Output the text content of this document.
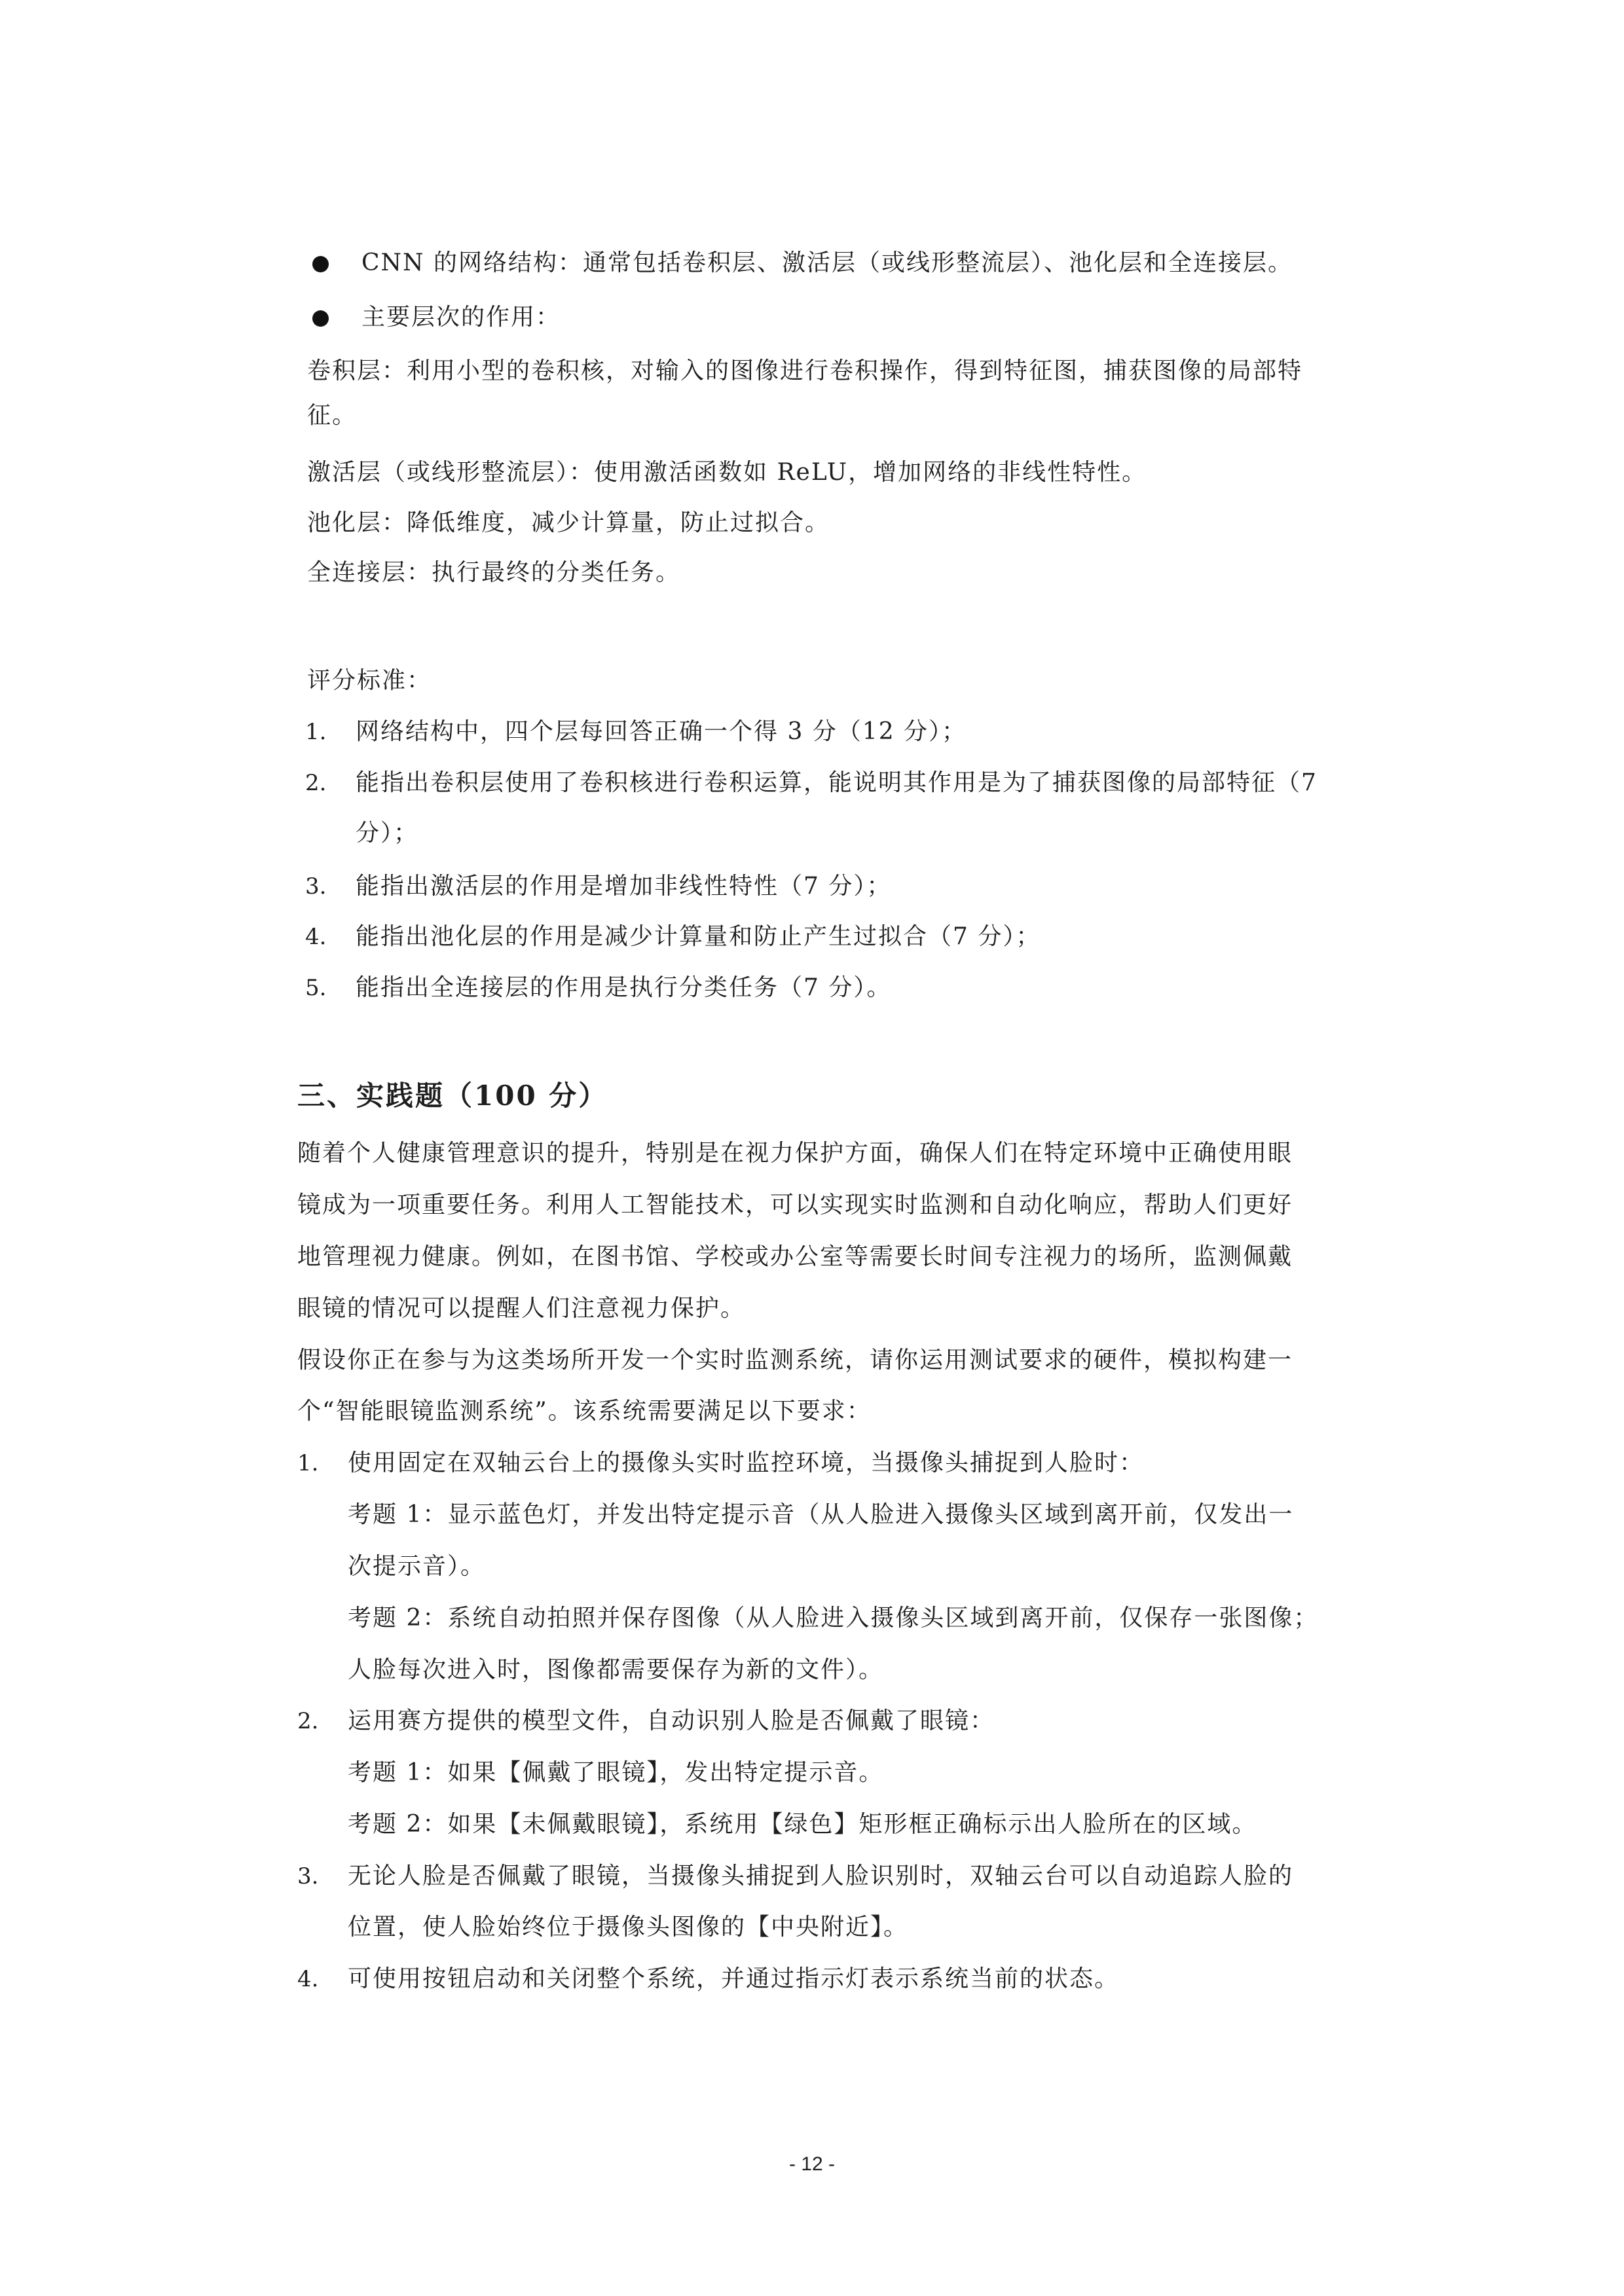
CNN 的网络结构：通常包括卷积层、激活层（或线形整流层）、池化层和全连接层。
主要层次的作用：
卷积层：利用小型的卷积核，对输入的图像进行卷积操作，得到特征图，捕获图像的局部特
征。
激活层（或线形整流层）：使用激活函数如 ReLU，增加网络的非线性特性。
池化层：降低维度，减少计算量，防止过拟合。
全连接层：执行最终的分类任务。
评分标准：
1. 网络结构中，四个层每回答正确一个得 3 分（12 分）；
2. 能指出卷积层使用了卷积核进行卷积运算，能说明其作用是为了捕获图像的局部特征（7
分）；
3. 能指出激活层的作用是增加非线性特性（7 分）；
4. 能指出池化层的作用是减少计算量和防止产生过拟合（7 分）；
5. 能指出全连接层的作用是执行分类任务（7 分）。
三、实践题（100 分）
随着个人健康管理意识的提升，特别是在视力保护方面，确保人们在特定环境中正确使用眼
镜成为一项重要任务。利用人工智能技术，可以实现实时监测和自动化响应，帮助人们更好
地管理视力健康。例如，在图书馆、学校或办公室等需要长时间专注视力的场所，监测佩戴
眼镜的情况可以提醒人们注意视力保护。
假设你正在参与为这类场所开发一个实时监测系统，请你运用测试要求的硬件，模拟构建一
个“智能眼镜监测系统”。该系统需要满足以下要求：
1. 使用固定在双轴云台上的摄像头实时监控环境，当摄像头捕捉到人脸时：
考题 1：显示蓝色灯，并发出特定提示音（从人脸进入摄像头区域到离开前，仅发出一
次提示音）。
考题 2：系统自动拍照并保存图像（从人脸进入摄像头区域到离开前，仅保存一张图像；
人脸每次进入时，图像都需要保存为新的文件）。
2. 运用赛方提供的模型文件，自动识别人脸是否佩戴了眼镜：
考题 1：如果【佩戴了眼镜】，发出特定提示音。
考题 2：如果【未佩戴眼镜】，系统用【绿色】矩形框正确标示出人脸所在的区域。
3. 无论人脸是否佩戴了眼镜，当摄像头捕捉到人脸识别时，双轴云台可以自动追踪人脸的
位置，使人脸始终位于摄像头图像的【中央附近】。
4. 可使用按钮启动和关闭整个系统，并通过指示灯表示系统当前的状态。
- 12 -
